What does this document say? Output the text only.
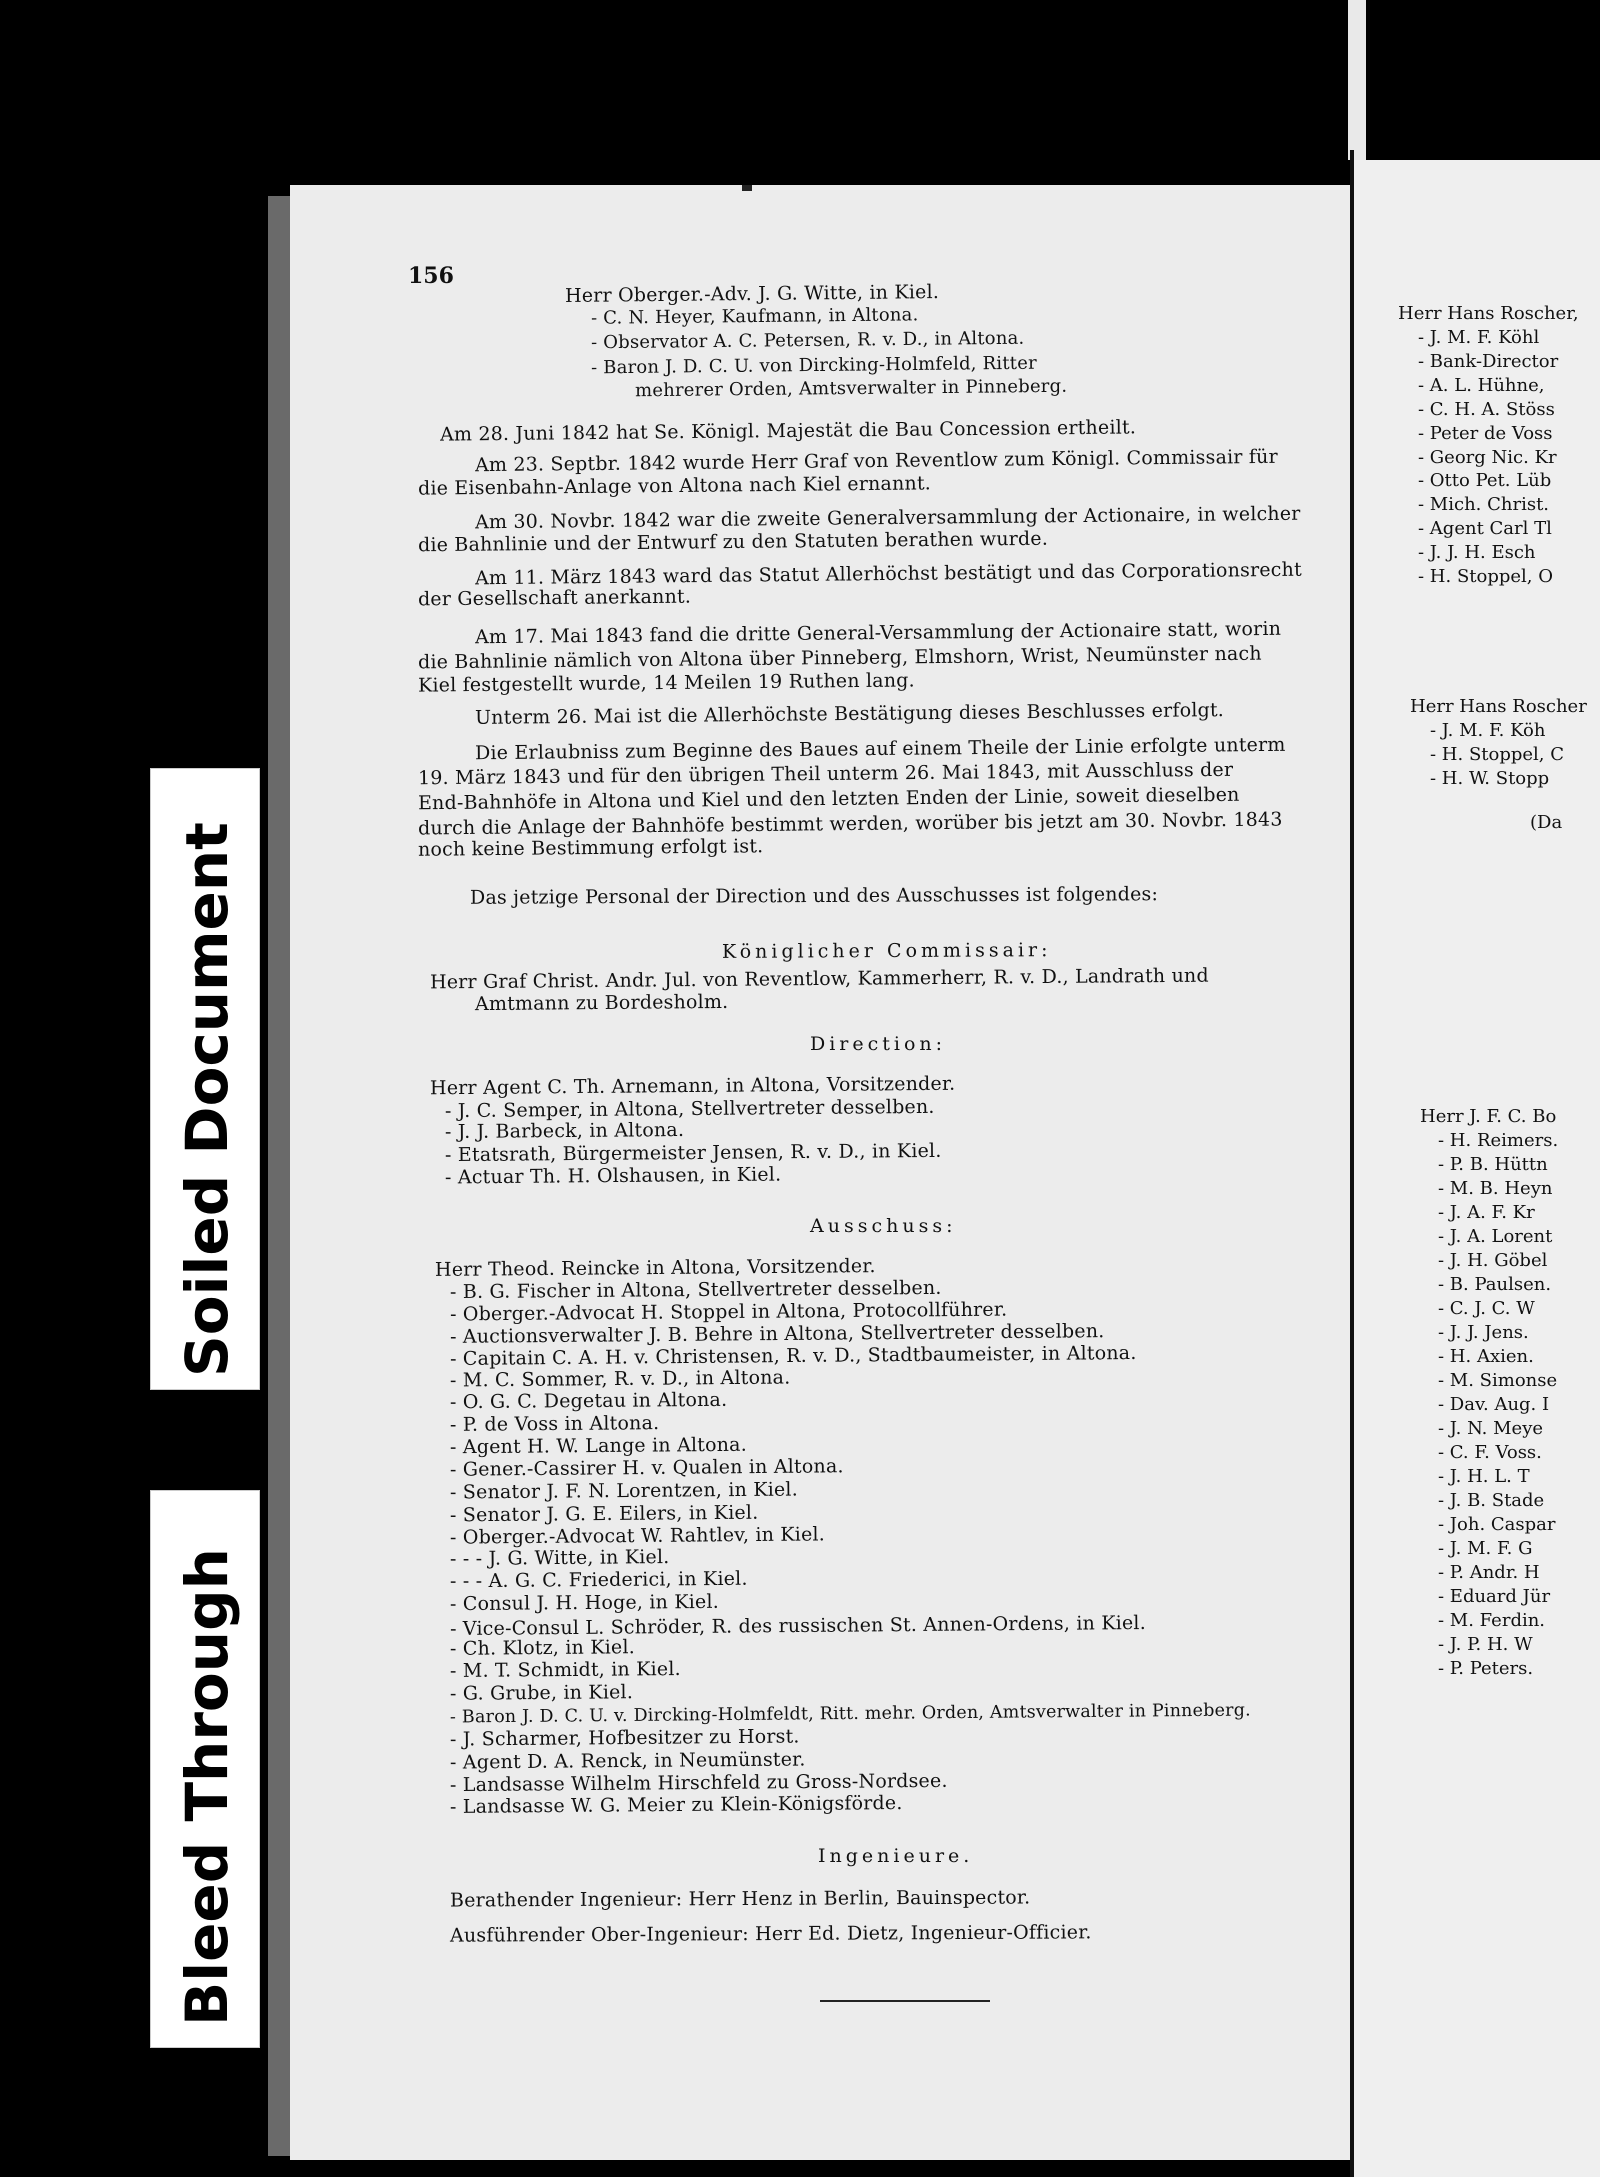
156
Herr Oberger.-Adv. J. G. Witte, in Kiel.
- C. N. Heyer, Kaufmann, in Altona.
- Observator A. C. Petersen, R. v. D., in Altona.
- Baron J. D. C. U. von Dircking-Holmfeld, Ritter
mehrerer Orden, Amtsverwalter in Pinneberg.
Am 28. Juni 1842 hat Se. Königl. Majestät die Bau Concession ertheilt.
Am 23. Septbr. 1842 wurde Herr Graf von Reventlow zum Königl. Commissair für
die Eisenbahn-Anlage von Altona nach Kiel ernannt.
Am 30. Novbr. 1842 war die zweite Generalversammlung der Actionaire, in welcher
die Bahnlinie und der Entwurf zu den Statuten berathen wurde.
Am 11. März 1843 ward das Statut Allerhöchst bestätigt und das Corporationsrecht
der Gesellschaft anerkannt.
Am 17. Mai 1843 fand die dritte General-Versammlung der Actionaire statt, worin
die Bahnlinie nämlich von Altona über Pinneberg, Elmshorn, Wrist, Neumünster nach
Kiel festgestellt wurde, 14 Meilen 19 Ruthen lang.
Unterm 26. Mai ist die Allerhöchste Bestätigung dieses Beschlusses erfolgt.
Die Erlaubniss zum Beginne des Baues auf einem Theile der Linie erfolgte unterm
19. März 1843 und für den übrigen Theil unterm 26. Mai 1843, mit Ausschluss der
End-Bahnhöfe in Altona und Kiel und den letzten Enden der Linie, soweit dieselben
durch die Anlage der Bahnhöfe bestimmt werden, worüber bis jetzt am 30. Novbr. 1843
noch keine Bestimmung erfolgt ist.
Das jetzige Personal der Direction und des Ausschusses ist folgendes:
Königlicher Commissair:
Herr Graf Christ. Andr. Jul. von Reventlow, Kammerherr, R. v. D., Landrath und
Amtmann zu Bordesholm.
Direction:
Herr Agent C. Th. Arnemann, in Altona, Vorsitzender.
- J. C. Semper, in Altona, Stellvertreter desselben.
- J. J. Barbeck, in Altona.
- Etatsrath, Bürgermeister Jensen, R. v. D., in Kiel.
- Actuar Th. H. Olshausen, in Kiel.
Ausschuss:
Herr Theod. Reincke in Altona, Vorsitzender.
- B. G. Fischer in Altona, Stellvertreter desselben.
- Oberger.-Advocat H. Stoppel in Altona, Protocollführer.
- Auctionsverwalter J. B. Behre in Altona, Stellvertreter desselben.
- Capitain C. A. H. v. Christensen, R. v. D., Stadtbaumeister, in Altona.
- M. C. Sommer, R. v. D., in Altona.
- O. G. C. Degetau in Altona.
- P. de Voss in Altona.
- Agent H. W. Lange in Altona.
- Gener.-Cassirer H. v. Qualen in Altona.
- Senator J. F. N. Lorentzen, in Kiel.
- Senator J. G. E. Eilers, in Kiel.
- Oberger.-Advocat W. Rahtlev, in Kiel.
- - - J. G. Witte, in Kiel.
- - - A. G. C. Friederici, in Kiel.
- Consul J. H. Hoge, in Kiel.
- Vice-Consul L. Schröder, R. des russischen St. Annen-Ordens, in Kiel.
- Ch. Klotz, in Kiel.
- M. T. Schmidt, in Kiel.
- G. Grube, in Kiel.
- Baron J. D. C. U. v. Dircking-Holmfeldt, Ritt. mehr. Orden, Amtsverwalter in Pinneberg.
- J. Scharmer, Hofbesitzer zu Horst.
- Agent D. A. Renck, in Neumünster.
- Landsasse Wilhelm Hirschfeld zu Gross-Nordsee.
- Landsasse W. G. Meier zu Klein-Königsförde.
Ingenieure.
Berathender Ingenieur: Herr Henz in Berlin, Bauinspector.
Ausführender Ober-Ingenieur: Herr Ed. Dietz, Ingenieur-Officier.
Herr Hans Roscher,
- J. M. F. Köhl
- Bank-Director
- A. L. Hühne,
- C. H. A. Stöss
- Peter de Voss
- Georg Nic. Kr
- Otto Pet. Lüb
- Mich. Christ.
- Agent Carl Tl
- J. J. H. Esch
- H. Stoppel, O
Herr Hans Roscher
- J. M. F. Köh
- H. Stoppel, C
- H. W. Stopp
(Da
Herr J. F. C. Bo
- H. Reimers.
- P. B. Hüttn
- M. B. Heyn
- J. A. F. Kr
- J. A. Lorent
- J. H. Göbel
- B. Paulsen.
- C. J. C. W
- J. J. Jens.
- H. Axien.
- M. Simonse
- Dav. Aug. I
- J. N. Meye
- C. F. Voss.
- J. H. L. T
- J. B. Stade
- Joh. Caspar
- J. M. F. G
- P. Andr. H
- Eduard Jür
- M. Ferdin.
- J. P. H. W
- P. Peters.
Soiled Document
Bleed Through
